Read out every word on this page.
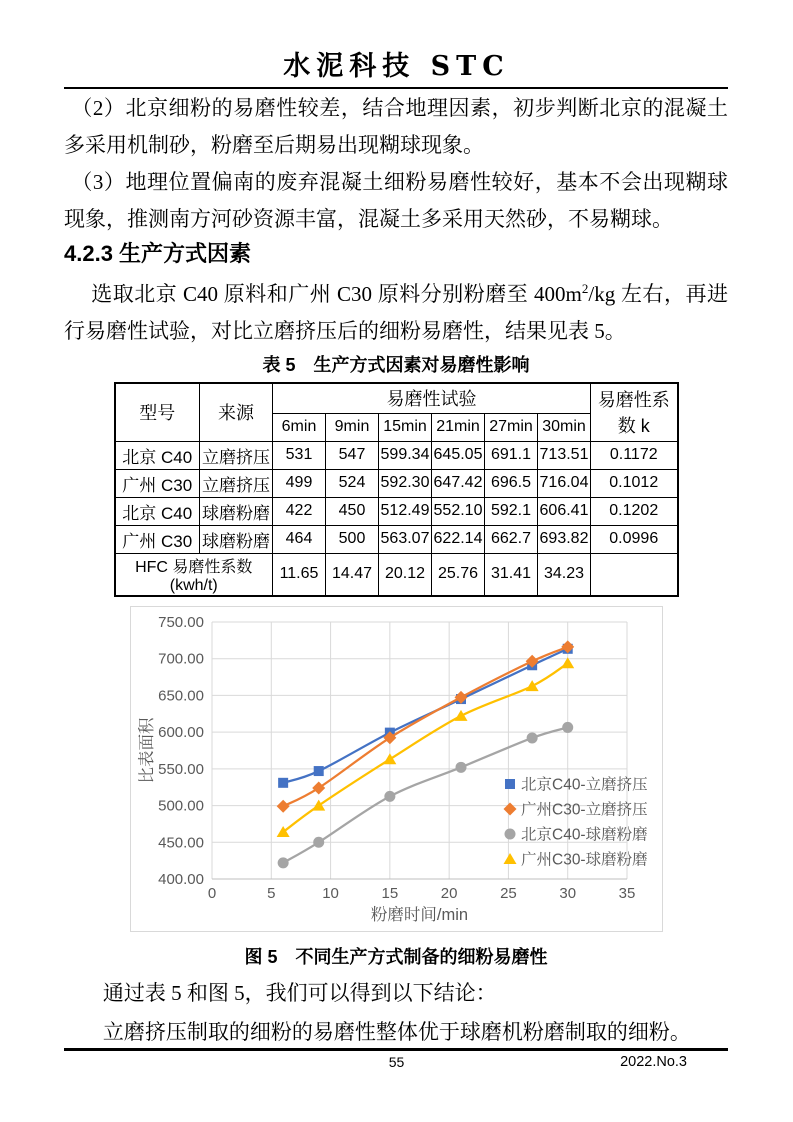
水泥科技 STC

（2）北京细粉的易磨性较差，结合地理因素，初步判断北京的混凝土多采用机制砂，粉磨至后期易出现糊球现象。

（3）地理位置偏南的废弃混凝土细粉易磨性较好，基本不会出现糊球现象，推测南方河砂资源丰富，混凝土多采用天然砂，不易糊球。

4.2.3 生产方式因素

选取北京 C40 原料和广州 C30 原料分别粉磨至 $400m^2/kg$ 左右，再进行易磨性试验，对比立磨挤压后的细粉易磨性，结果见表 5。

表 5　生产方式因素对易磨性影响
型号	来源	易磨性试验						易磨性系数 k
		6min	9min	15min	21min	27min	30min	
北京 C40	立磨挤压	531	547	599.34	645.05	691.1	713.51	0.1172
广州 C30	立磨挤压	499	524	592.30	647.42	696.5	716.04	0.1012
北京 C40	球磨粉磨	422	450	512.49	552.10	592.1	606.41	0.1202
广州 C30	球磨粉磨	464	500	563.07	622.14	662.7	693.82	0.0996
HFC 易磨性系数(kwh/t)		11.65	14.47	20.12	25.76	31.41	34.23	
0	5	10	15	20	25	30	35
400.00
450.00
500.00
550.00
600.00
650.00
700.00
750.00
粉磨时间/min
比表面积
北京C40-立磨挤压
广州C30-立磨挤压
北京C40-球磨粉磨
广州C30-球磨粉磨
图 5　不同生产方式制备的细粉易磨性

通过表 5 和图 5，我们可以得到以下结论：

立磨挤压制取的细粉的易磨性整体优于球磨机粉磨制取的细粉。

55	2022.No.3
